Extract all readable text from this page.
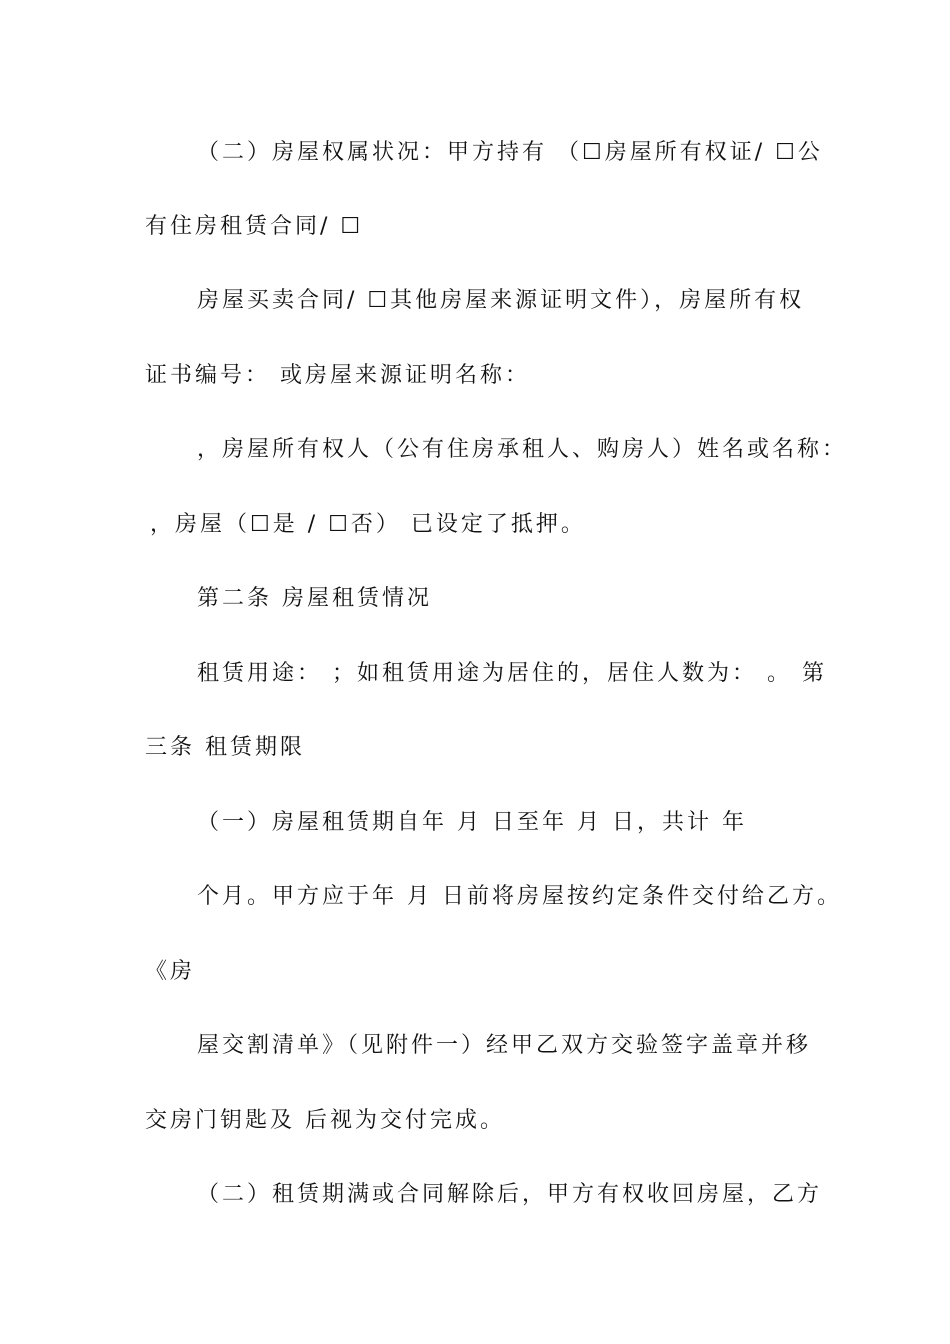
（二）房屋权属状况：甲方持有 （☐房屋所有权证/ ☐公

有住房租赁合同/ ☐

房屋买卖合同/ ☐其他房屋来源证明文件），房屋所有权

证书编号： 或房屋来源证明名称：

，房屋所有权人（公有住房承租人、购房人）姓名或名称：

，房屋（☐是 / ☐否） 已设定了抵押。

第二条 房屋租赁情况

租赁用途： ；如租赁用途为居住的，居住人数为： 。 第

三条 租赁期限

（一）房屋租赁期自年 月 日至年 月 日，共计 年

个月。甲方应于年 月 日前将房屋按约定条件交付给乙方。

《房

屋交割清单》（见附件一）经甲乙双方交验签字盖章并移

交房门钥匙及 后视为交付完成。

（二）租赁期满或合同解除后，甲方有权收回房屋，乙方
